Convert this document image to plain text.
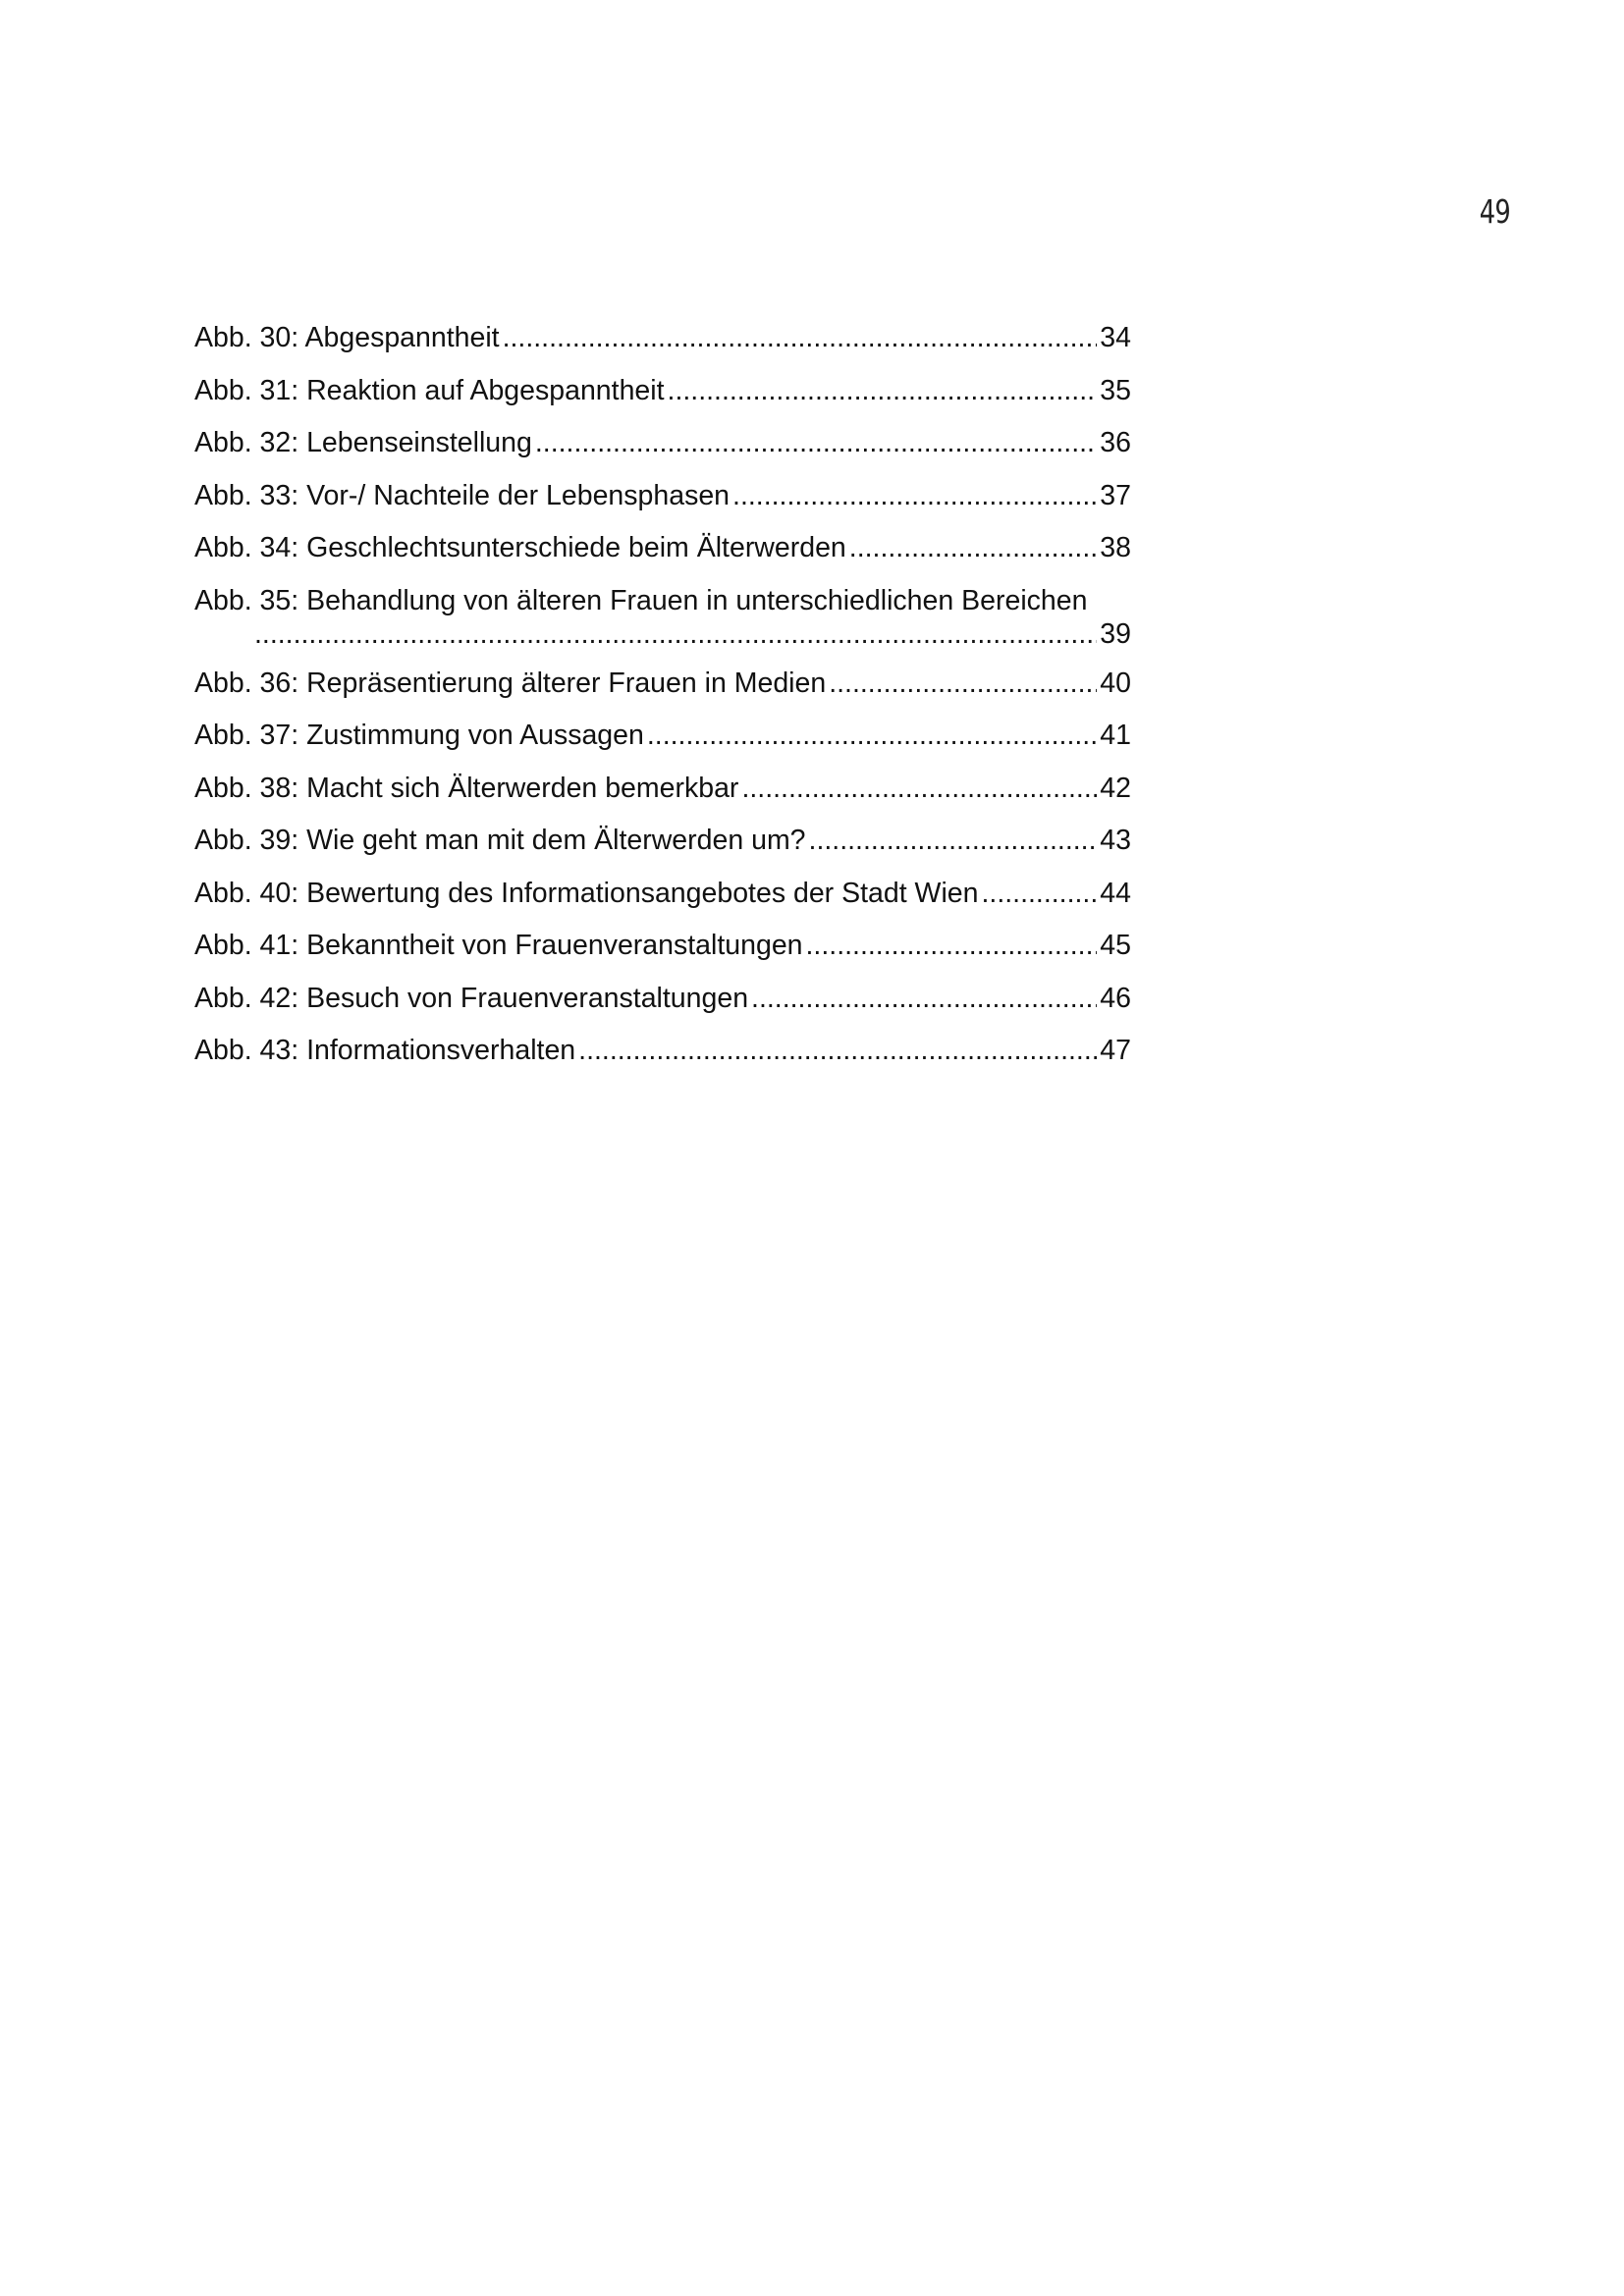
49
Abb. 30: Abgespanntheit .....	34
Abb. 31: Reaktion auf Abgespanntheit .....	35
Abb. 32: Lebenseinstellung .....	36
Abb. 33: Vor-/ Nachteile der Lebensphasen .....	37
Abb. 34: Geschlechtsunterschiede beim Älterwerden .....	38
Abb. 35: Behandlung von älteren Frauen in unterschiedlichen Bereichen
.....
39
Abb. 36: Repräsentierung älterer Frauen in Medien .....	40
Abb. 37: Zustimmung von Aussagen .....	41
Abb. 38: Macht sich Älterwerden bemerkbar .....	42
Abb. 39: Wie geht man mit dem Älterwerden um? .....	43
Abb. 40: Bewertung des Informationsangebotes der Stadt Wien .....	44
Abb. 41: Bekanntheit von Frauenveranstaltungen .....	45
Abb. 42: Besuch von Frauenveranstaltungen .....	46
Abb. 43: Informationsverhalten .....	47
